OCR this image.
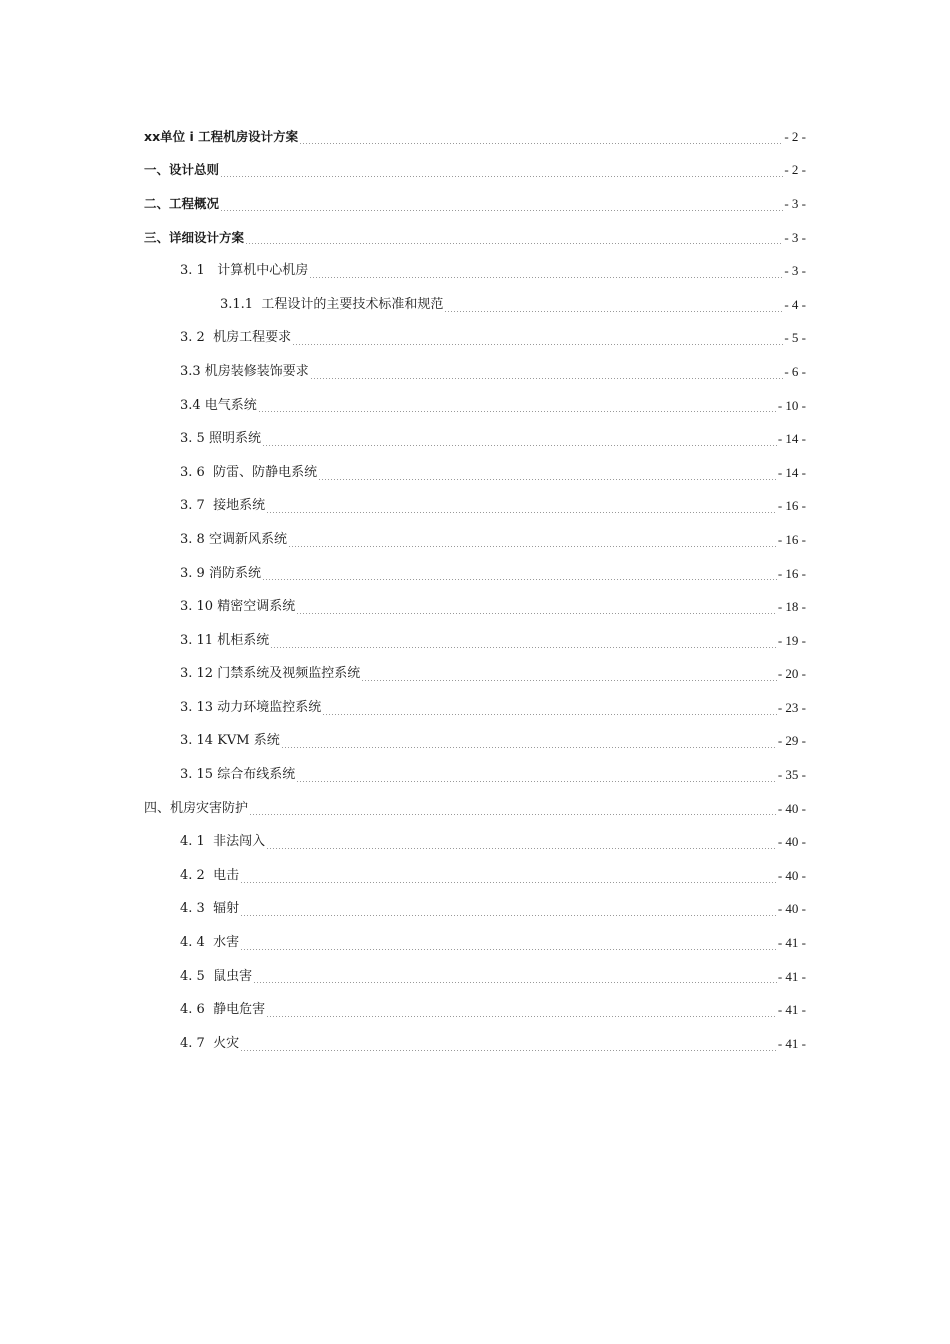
xx单位 i 工程机房设计方案	- 2 -
一、设计总则	- 2 -
二、工程概况	- 3 -
三、详细设计方案	- 3 -
3. 1   计算机中心机房	- 3 -
3.1.1  工程设计的主要技术标准和规范	- 4 -
3. 2  机房工程要求	- 5 -
3.3 机房装修装饰要求	- 6 -
3.4 电气系统	- 10 -
3. 5 照明系统	- 14 -
3. 6  防雷、防静电系统	- 14 -
3. 7  接地系统	- 16 -
3. 8 空调新风系统	- 16 -
3. 9 消防系统	- 16 -
3. 10 精密空调系统	- 18 -
3. 11 机柜系统	- 19 -
3. 12 门禁系统及视频监控系统	- 20 -
3. 13 动力环境监控系统	- 23 -
3. 14 KVM 系统	- 29 -
3. 15 综合布线系统	- 35 -
四、机房灾害防护	- 40 -
4. 1  非法闯入	- 40 -
4. 2  电击	- 40 -
4. 3  辐射	- 40 -
4. 4  水害	- 41 -
4. 5  鼠虫害	- 41 -
4. 6  静电危害	- 41 -
4. 7  火灾	- 41 -
